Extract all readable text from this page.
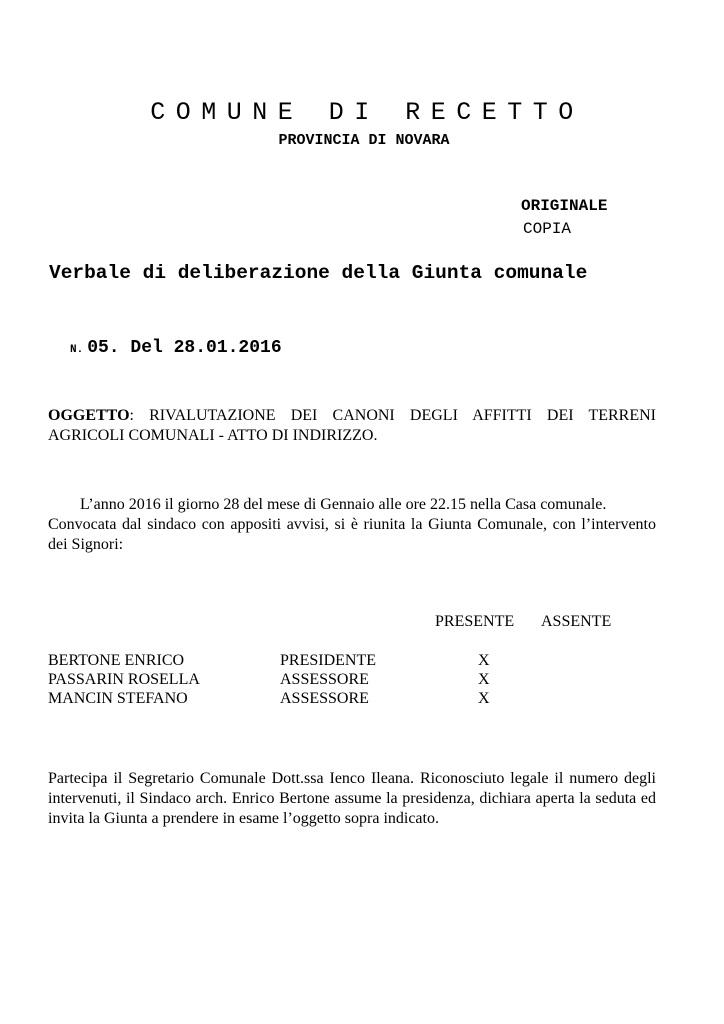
COMUNE DI RECETTO
PROVINCIA DI NOVARA
ORIGINALE
COPIA
Verbale di deliberazione della Giunta comunale
N. 05. Del 28.01.2016
OGGETTO: RIVALUTAZIONE DEI CANONI DEGLI AFFITTI DEI TERRENI AGRICOLI COMUNALI - ATTO DI INDIRIZZO.
L’anno 2016 il giorno 28 del mese di Gennaio alle ore 22.15 nella Casa comunale.
Convocata dal sindaco con appositi avvisi, si è riunita la Giunta Comunale, con l’intervento dei Signori:
PRESENTE ASSENTE
BERTONE ENRICO	PRESIDENTE	X
PASSARIN ROSELLA	ASSESSORE	X
MANCIN STEFANO	ASSESSORE	X
Partecipa il Segretario Comunale Dott.ssa Ienco Ileana. Riconosciuto legale il numero degli intervenuti, il Sindaco arch. Enrico Bertone assume la presidenza, dichiara aperta la seduta ed invita la Giunta a prendere in esame l’oggetto sopra indicato.
